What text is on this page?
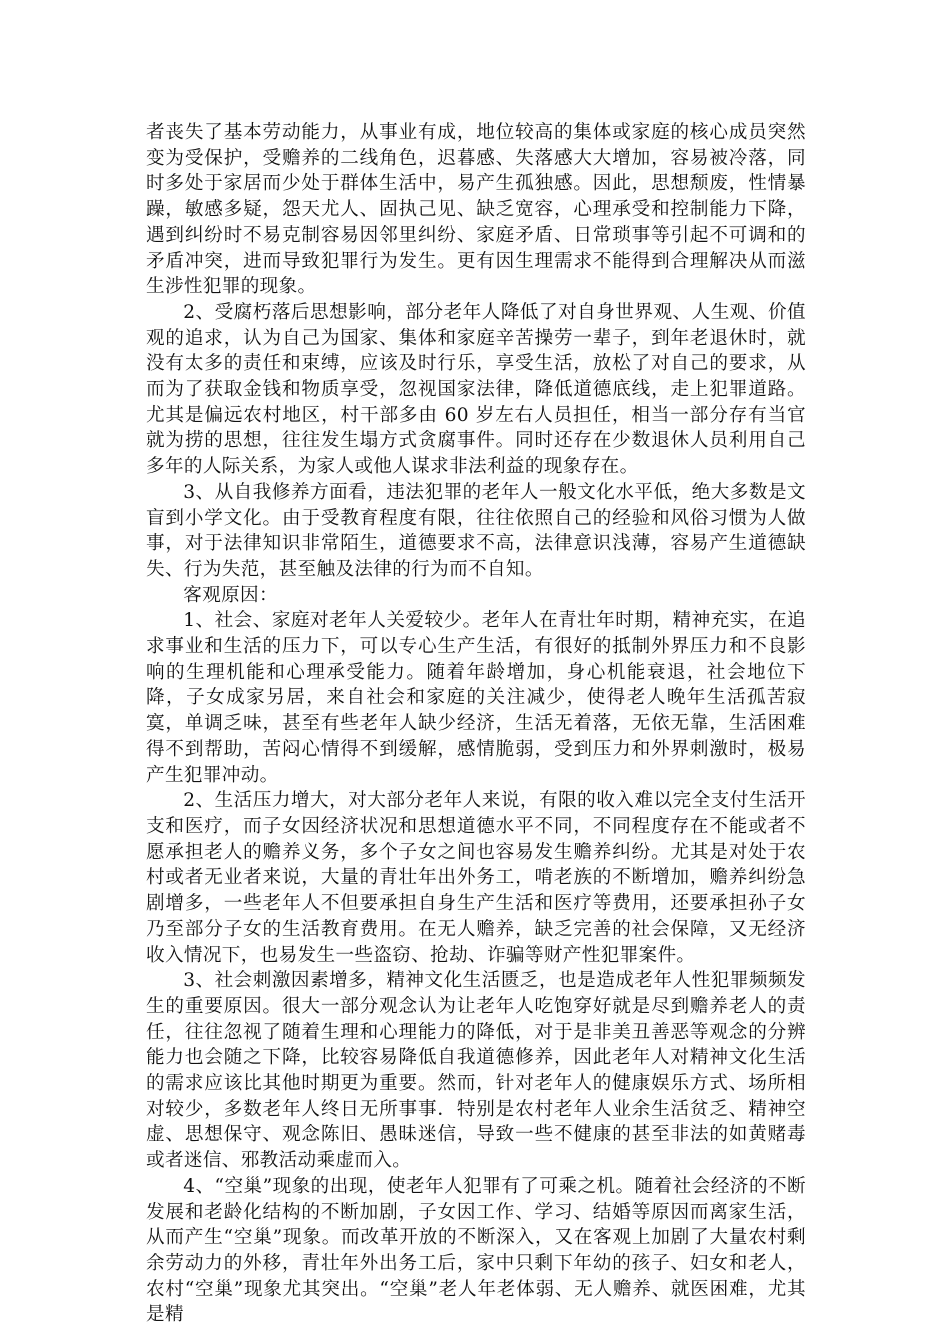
者丧失了基本劳动能力，从事业有成，地位较高的集体或家庭的核心成员突然变为受保护，受赡养的二线角色，迟暮感、失落感大大增加，容易被冷落，同时多处于家居而少处于群体生活中，易产生孤独感。因此，思想颓废，性情暴躁，敏感多疑，怨天尤人、固执己见、缺乏宽容，心理承受和控制能力下降，遇到纠纷时不易克制容易因邻里纠纷、家庭矛盾、日常琐事等引起不可调和的矛盾冲突，进而导致犯罪行为发生。更有因生理需求不能得到合理解决从而滋生涉性犯罪的现象。

2、受腐朽落后思想影响，部分老年人降低了对自身世界观、人生观、价值观的追求，认为自己为国家、集体和家庭辛苦操劳一辈子，到年老退休时，就没有太多的责任和束缚，应该及时行乐，享受生活，放松了对自己的要求，从而为了获取金钱和物质享受，忽视国家法律，降低道德底线，走上犯罪道路。尤其是偏远农村地区，村干部多由 60 岁左右人员担任，相当一部分存有当官就为捞的思想，往往发生塌方式贪腐事件。同时还存在少数退休人员利用自己多年的人际关系，为家人或他人谋求非法利益的现象存在。

3、从自我修养方面看，违法犯罪的老年人一般文化水平低，绝大多数是文盲到小学文化。由于受教育程度有限，往往依照自己的经验和风俗习惯为人做事，对于法律知识非常陌生，道德要求不高，法律意识浅薄，容易产生道德缺失、行为失范，甚至触及法律的行为而不自知。

客观原因：

1、社会、家庭对老年人关爱较少。老年人在青壮年时期，精神充实，在追求事业和生活的压力下，可以专心生产生活，有很好的抵制外界压力和不良影响的生理机能和心理承受能力。随着年龄增加，身心机能衰退，社会地位下降，子女成家另居，来自社会和家庭的关注减少，使得老人晚年生活孤苦寂寞，单调乏味，甚至有些老年人缺少经济，生活无着落，无依无靠，生活困难得不到帮助，苦闷心情得不到缓解，感情脆弱，受到压力和外界刺激时，极易产生犯罪冲动。

2、生活压力增大，对大部分老年人来说，有限的收入难以完全支付生活开支和医疗，而子女因经济状况和思想道德水平不同，不同程度存在不能或者不愿承担老人的赡养义务，多个子女之间也容易发生赡养纠纷。尤其是对处于农村或者无业者来说，大量的青壮年出外务工，啃老族的不断增加，赡养纠纷急剧增多，一些老年人不但要承担自身生产生活和医疗等费用，还要承担孙子女乃至部分子女的生活教育费用。在无人赡养，缺乏完善的社会保障，又无经济收入情况下，也易发生一些盗窃、抢劫、诈骗等财产性犯罪案件。

3、社会刺激因素增多，精神文化生活匮乏，也是造成老年人性犯罪频频发生的重要原因。很大一部分观念认为让老年人吃饱穿好就是尽到赡养老人的责任，往往忽视了随着生理和心理能力的降低，对于是非美丑善恶等观念的分辨能力也会随之下降，比较容易降低自我道德修养，因此老年人对精神文化生活的需求应该比其他时期更为重要。然而，针对老年人的健康娱乐方式、场所相对较少，多数老年人终日无所事事．特别是农村老年人业余生活贫乏、精神空虚、思想保守、观念陈旧、愚昧迷信，导致一些不健康的甚至非法的如黄赌毒或者迷信、邪教活动乘虚而入。

4、“空巢”现象的出现，使老年人犯罪有了可乘之机。随着社会经济的不断发展和老龄化结构的不断加剧，子女因工作、学习、结婚等原因而离家生活，从而产生“空巢”现象。而改革开放的不断深入，又在客观上加剧了大量农村剩余劳动力的外移，青壮年外出务工后，家中只剩下年幼的孩子、妇女和老人，农村“空巢”现象尤其突出。“空巢”老人年老体弱、无人赡养、就医困难，尤其是精
